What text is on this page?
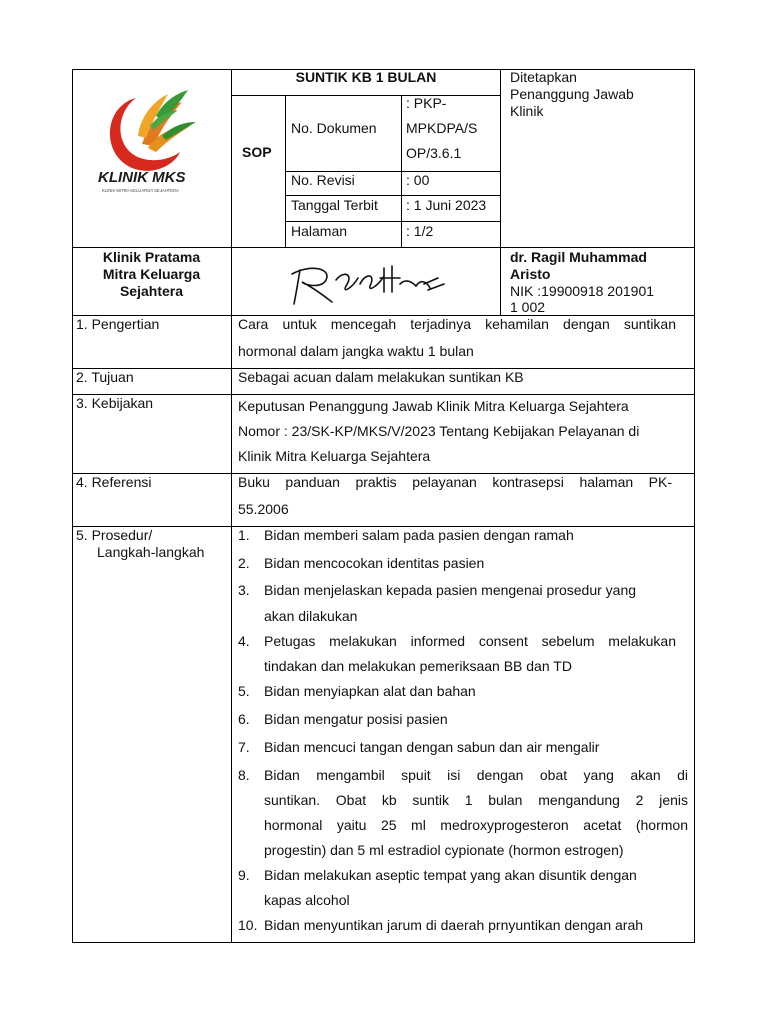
KLINIK MKS
KLINIK MITRA KELUARGA SEJAHTERA
SUNTIK KB 1 BULAN
SOP
Ditetapkan
Penanggung Jawab
Klinik
No. Dokumen
: PKP-
MPKDPA/S
OP/3.6.1
No. Revisi	: 00
Tanggal Terbit : 1 Juni 2023
Halaman	: 1/2
Klinik Pratama
Mitra Keluarga
Sejahtera
dr. Ragil Muhammad
Aristo
NIK :19900918 201901
1 002
1. Pengertian	Cara untuk mencegah terjadinya kehamilan dengan suntikan
hormonal dalam jangka waktu 1 bulan
2. Tujuan	Sebagai acuan dalam melakukan suntikan KB
3. Kebijakan	Keputusan Penanggung Jawab Klinik Mitra Keluarga Sejahtera
Nomor : 23/SK-KP/MKS/V/2023 Tentang Kebijakan Pelayanan di
Klinik Mitra Keluarga Sejahtera
4. Referensi	Buku panduan praktis pelayanan kontrasepsi halaman PK-
55.2006
5. Prosedur/
Langkah-langkah
1. Bidan memberi salam pada pasien dengan ramah
2. Bidan mencocokan identitas pasien
3. Bidan menjelaskan kepada pasien mengenai prosedur yang
akan dilakukan
4. Petugas melakukan informed consent sebelum melakukan
tindakan dan melakukan pemeriksaan BB dan TD
5. Bidan menyiapkan alat dan bahan
6. Bidan mengatur posisi pasien
7. Bidan mencuci tangan dengan sabun dan air mengalir
8. Bidan mengambil spuit isi dengan obat yang akan di
suntikan. Obat kb suntik 1 bulan mengandung 2 jenis
hormonal yaitu 25 ml medroxyprogesteron acetat (hormon
progestin) dan 5 ml estradiol cypionate (hormon estrogen)
9. Bidan melakukan aseptic tempat yang akan disuntik dengan
kapas alcohol
10. Bidan menyuntikan jarum di daerah prnyuntikan dengan arah
